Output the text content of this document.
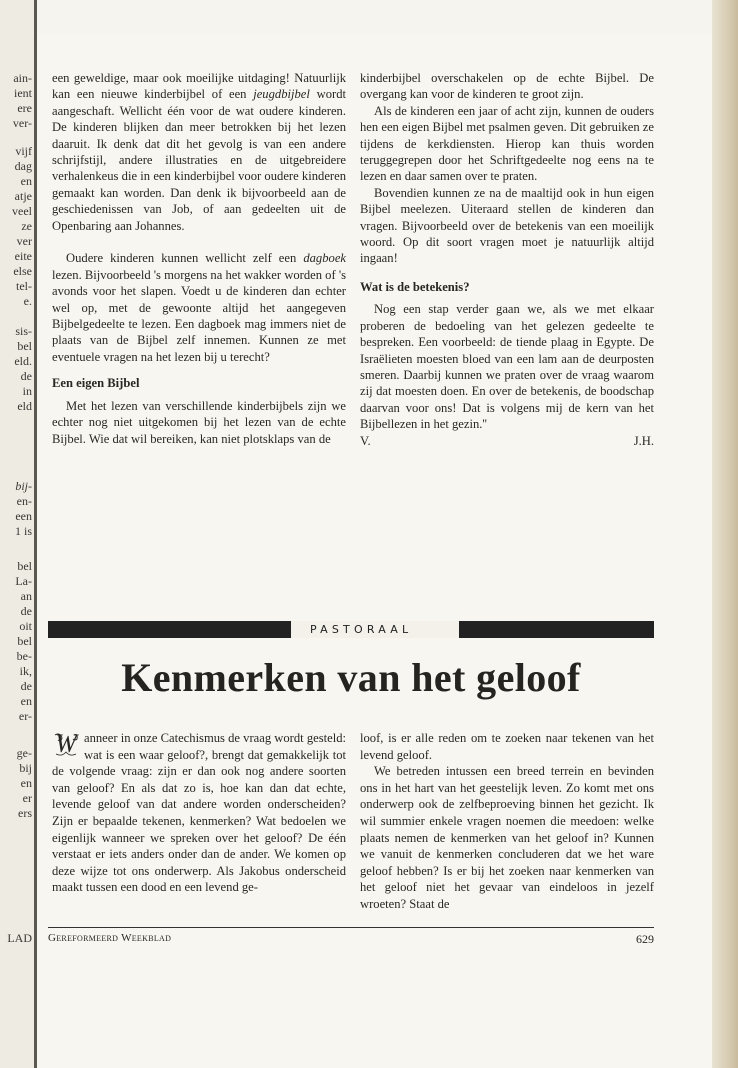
ain-
ient
ere
ver-
vijf
dag
en
atje
veel
ze
ver
eite
else
tel-
e.
sis-
bel
eld.
de
in
eld
bij-
en-
een
1 is
bel
La-
an
de
oit
bel
be-
ik,
de
en
er-
ge-
bij
en
er
ers
LAD

een geweldige, maar ook moeilijke uitdaging! Natuurlijk kan een nieuwe kinderbijbel of een jeugdbijbel wordt aangeschaft. Wellicht één voor de wat oudere kinderen. De kinderen blijken dan meer betrokken bij het lezen daaruit. Ik denk dat dit het gevolg is van een andere schrijfstijl, andere illustraties en de uitgebreidere verhalenkeus die in een kinderbijbel voor oudere kinderen gemaakt kan worden. Dan denk ik bijvoorbeeld aan de geschiedenissen van Job, of aan gedeelten uit de Openbaring aan Johannes.

Oudere kinderen kunnen wellicht zelf een dagboek lezen. Bijvoorbeeld 's morgens na het wakker worden of 's avonds voor het slapen. Voedt u de kinderen dan echter wel op, met de gewoonte altijd het aangegeven Bijbelgedeelte te lezen. Een dagboek mag immers niet de plaats van de Bijbel zelf innemen. Kunnen ze met eventuele vragen na het lezen bij u terecht?

Een eigen Bijbel

Met het lezen van verschillende kinderbijbels zijn we echter nog niet uitgekomen bij het lezen van de echte Bijbel. Wie dat wil bereiken, kan niet plotsklaps van de

kinderbijbel overschakelen op de echte Bijbel. De overgang kan voor de kinderen te groot zijn.

Als de kinderen een jaar of acht zijn, kunnen de ouders hen een eigen Bijbel met psalmen geven. Dit gebruiken ze tijdens de kerkdiensten. Hierop kan thuis worden teruggegrepen door het Schriftgedeelte nog eens na te lezen en daar samen over te praten.

Bovendien kunnen ze na de maaltijd ook in hun eigen Bijbel meelezen. Uiteraard stellen de kinderen dan vragen. Bijvoorbeeld over de betekenis van een moeilijk woord. Op dit soort vragen moet je natuurlijk altijd ingaan!

Wat is de betekenis?

Nog een stap verder gaan we, als we met elkaar proberen de bedoeling van het gelezen gedeelte te bespreken. Een voorbeeld: de tiende plaag in Egypte. De Israëlieten moesten bloed van een lam aan de deurposten smeren. Daarbij kunnen we praten over de vraag waarom zij dat moesten doen. En over de betekenis, de boodschap daarvan voor ons! Dat is volgens mij de kern van het Bijbellezen in het gezin.''

V.	J.H.
PASTORAAL
Kenmerken van het geloof

W anneer in onze Catechismus de vraag wordt gesteld: wat is een waar geloof?, brengt dat gemakkelijk tot de volgende vraag: zijn er dan ook nog andere soorten van geloof? En als dat zo is, hoe kan dan dat echte, levende geloof van dat andere worden onderscheiden? Zijn er bepaalde tekenen, kenmerken? Wat bedoelen we eigenlijk wanneer we spreken over het geloof? De één verstaat er iets anders onder dan de ander. We komen op deze wijze tot ons onderwerp. Als Jakobus onderscheid maakt tussen een dood en een levend ge-

loof, is er alle reden om te zoeken naar tekenen van het levend geloof.

We betreden intussen een breed terrein en bevinden ons in het hart van het geestelijk leven. Zo komt met ons onderwerp ook de zelfbeproeving binnen het gezicht. Ik wil summier enkele vragen noemen die meedoen: welke plaats nemen de kenmerken van het geloof in? Kunnen we vanuit de kenmerken concluderen dat we het ware geloof hebben? Is er bij het zoeken naar kenmerken van het geloof niet het gevaar van eindeloos in jezelf wroeten? Staat de

Gereformeerd Weekblad	629
